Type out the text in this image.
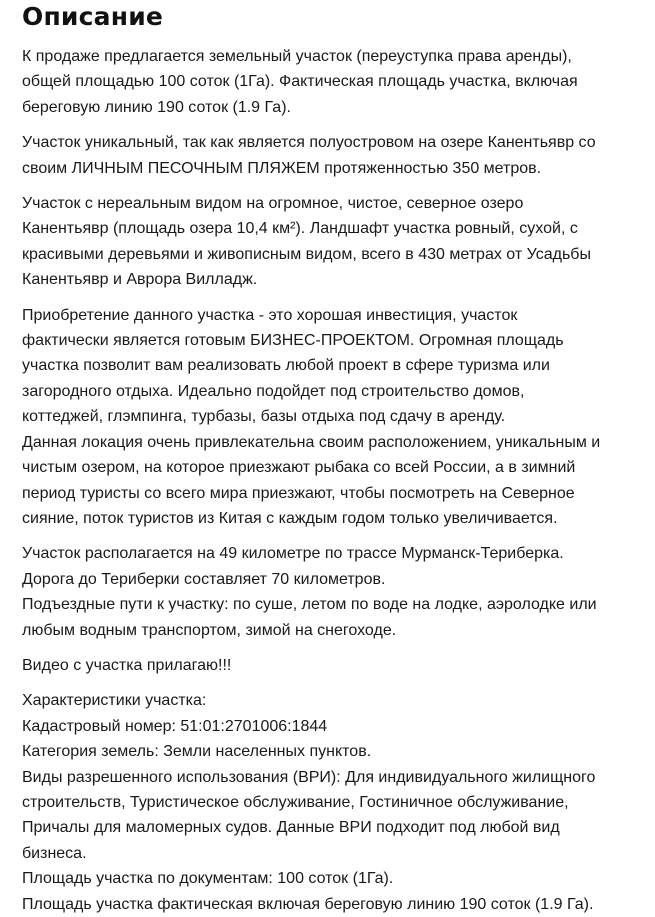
Описание

К продаже предлагается земельный участок (переуступка права аренды),
общей площадью 100 соток (1Га). Фактическая площадь участка, включая
береговую линию 190 соток (1.9 Га).

Участок уникальный, так как является полуостровом на озере Канентьявр со
своим ЛИЧНЫМ ПЕСОЧНЫМ ПЛЯЖЕМ протяженностью 350 метров.

Участок с нереальным видом на огромное, чистое, северное озеро
Канентьявр (площадь озера 10,4 км²). Ландшафт участка ровный, сухой, с
красивыми деревьями и живописным видом, всего в 430 метрах от Усадьбы
Канентьявр и Аврора Вилладж.

Приобретение данного участка - это хорошая инвестиция, участок
фактически является готовым БИЗНЕС-ПРОЕКТОМ. Огромная площадь
участка позволит вам реализовать любой проект в сфере туризма или
загородного отдыха. Идеально подойдет под строительство домов,
коттеджей, глэмпинга, турбазы, базы отдыха под сдачу в аренду.
Данная локация очень привлекательна своим расположением, уникальным и
чистым озером, на которое приезжают рыбака со всей России, а в зимний
период туристы со всего мира приезжают, чтобы посмотреть на Северное
сияние, поток туристов из Китая с каждым годом только увеличивается.

Участок располагается на 49 километре по трассе Мурманск-Териберка.
Дорога до Териберки составляет 70 километров.
Подъездные пути к участку: по суше, летом по воде на лодке, аэролодке или
любым водным транспортом, зимой на снегоходе.

Видео с участка прилагаю!!!

Характеристики участка:
Кадастровый номер: 51:01:2701006:1844
Категория земель: Земли населенных пунктов.
Виды разрешенного использования (ВРИ): Для индивидуального жилищного
строительств, Туристическое обслуживание, Гостиничное обслуживание,
Причалы для маломерных судов. Данные ВРИ подходит под любой вид
бизнеса.
Площадь участка по документам: 100 соток (1Га).
Площадь участка фактическая включая береговую линию 190 соток (1.9 Га).
